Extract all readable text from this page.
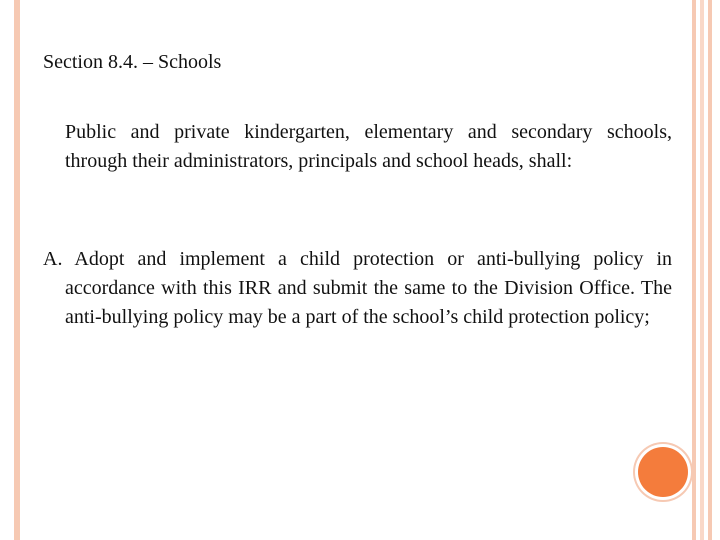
Section 8.4. – Schools

Public and private kindergarten, elementary and secondary schools, through their administrators, principals and school heads, shall:

A. Adopt and implement a child protection or anti-bullying policy in accordance with this IRR and submit the same to the Division Office. The anti-bullying policy may be a part of the school’s child protection policy;
